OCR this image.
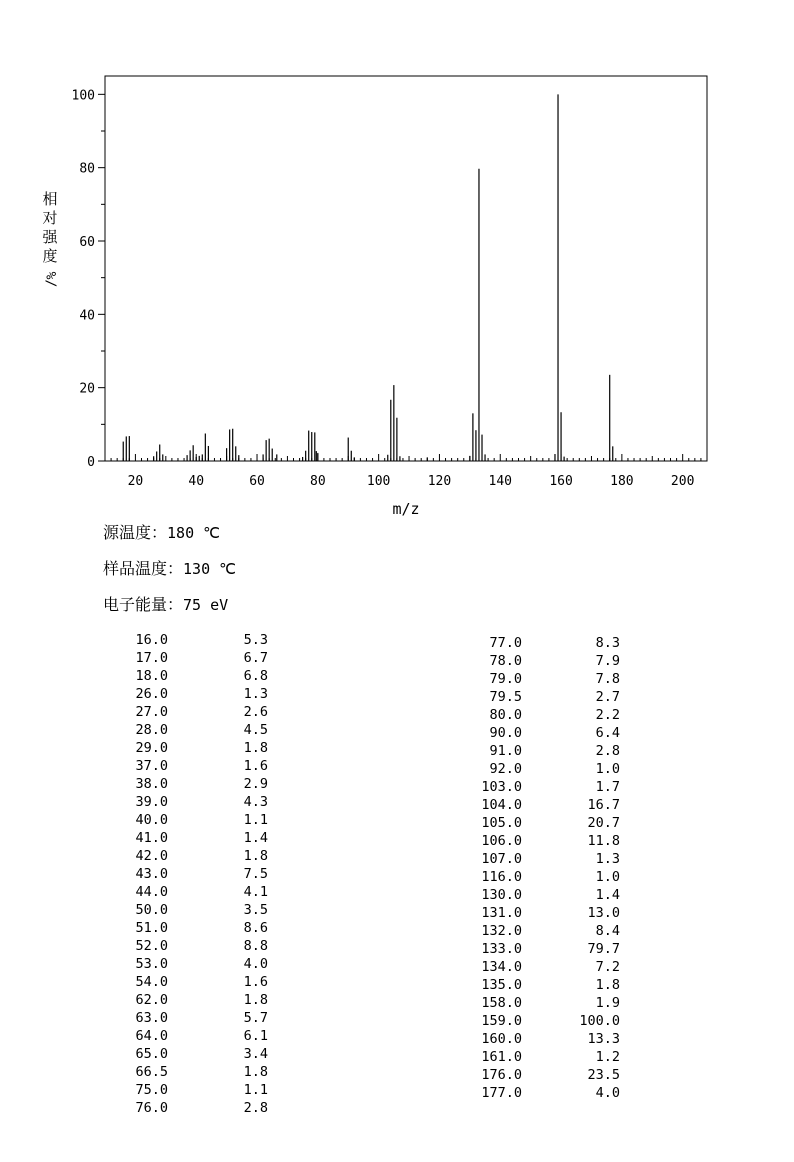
20	40	60	80	100	120	140	160	180	200
0
20
40
60
80
100
m/z
相
对
强
度
%/
源温度：180 ℃
样品温度：130 ℃
电子能量：75 eV
16.0	5.3
17.0	6.7
18.0	6.8
26.0	1.3
27.0	2.6
28.0	4.5
29.0	1.8
37.0	1.6
38.0	2.9
39.0	4.3
40.0	1.1
41.0	1.4
42.0	1.8
43.0	7.5
44.0	4.1
50.0	3.5
51.0	8.6
52.0	8.8
53.0	4.0
54.0	1.6
62.0	1.8
63.0	5.7
64.0	6.1
65.0	3.4
66.5	1.8
75.0	1.1
76.0	2.8
77.0	8.3
78.0	7.9
79.0	7.8
79.5	2.7
80.0	2.2
90.0	6.4
91.0	2.8
92.0	1.0
103.0	1.7
104.0	16.7
105.0	20.7
106.0	11.8
107.0	1.3
116.0	1.0
130.0	1.4
131.0	13.0
132.0	8.4
133.0	79.7
134.0	7.2
135.0	1.8
158.0	1.9
159.0	100.0
160.0	13.3
161.0	1.2
176.0	23.5
177.0	4.0
